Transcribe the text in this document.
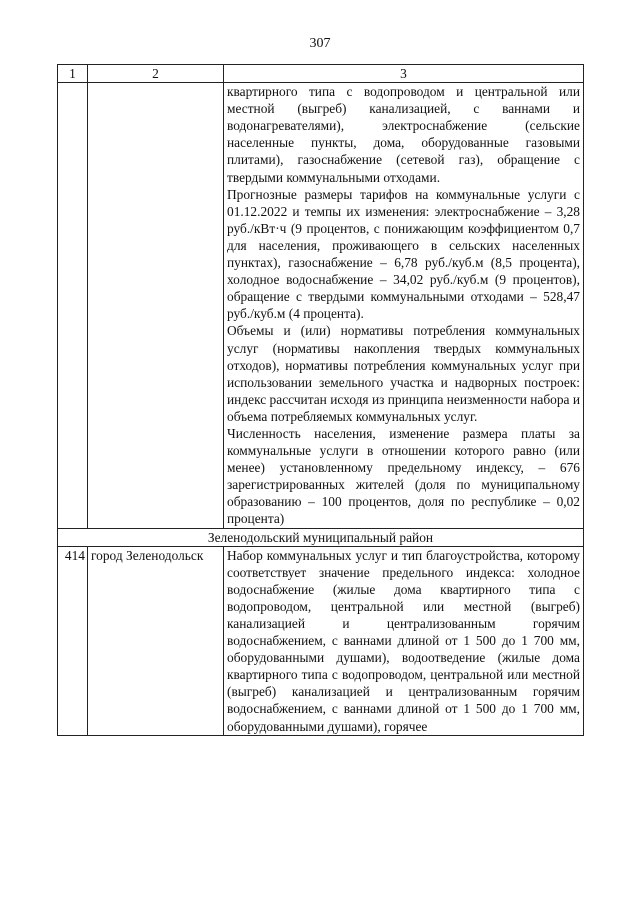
307
1	2	3

		квартирного типа с водопроводом и центральной или местной (выгреб) канализацией, с ваннами и водонагревателями), электроснабжение (сельские населенные пункты, дома, оборудованные газовыми плитами), газоснабжение (сетевой газ), обращение с твердыми коммунальными отходами.
Прогнозные размеры тарифов на коммунальные услуги с 01.12.2022 и темпы их изменения: электроснабжение – 3,28 руб./кВт·ч (9 процентов, с понижающим коэффициентом 0,7 для населения, проживающего в сельских населенных пунктах), газоснабжение – 6,78 руб./куб.м (8,5 процента), холодное водоснабжение – 34,02 руб./куб.м (9 процентов), обращение с твердыми коммунальными отходами – 528,47 руб./куб.м (4 процента).
Объемы и (или) нормативы потребления коммунальных услуг (нормативы накопления твердых коммунальных отходов), нормативы потребления коммунальных услуг при использовании земельного участка и надворных построек: индекс рассчитан исходя из принципа неизменности набора и объема потребляемых коммунальных услуг.
Численность населения, изменение размера платы за коммунальные услуги в отношении которого равно (или менее) установленному предельному индексу, – 676 зарегистрированных жителей (доля по муниципальному образованию – 100 процентов, доля по республике – 0,02 процента)

Зеленодольский муниципальный район		
414	город Зеленодольск	Набор коммунальных услуг и тип благоустройства, которому соответствует значение предельного индекса: холодное водоснабжение (жилые дома квартирного типа с водопроводом, центральной или местной (выгреб) канализацией и централизованным горячим водоснабжением, с ваннами длиной от 1 500 до 1 700 мм, оборудованными душами), водоотведение (жилые дома квартирного типа с водопроводом, центральной или местной (выгреб) канализацией и централизованным горячим водоснабжением, с ваннами длиной от 1 500 до 1 700 мм, оборудованными душами), горячее
